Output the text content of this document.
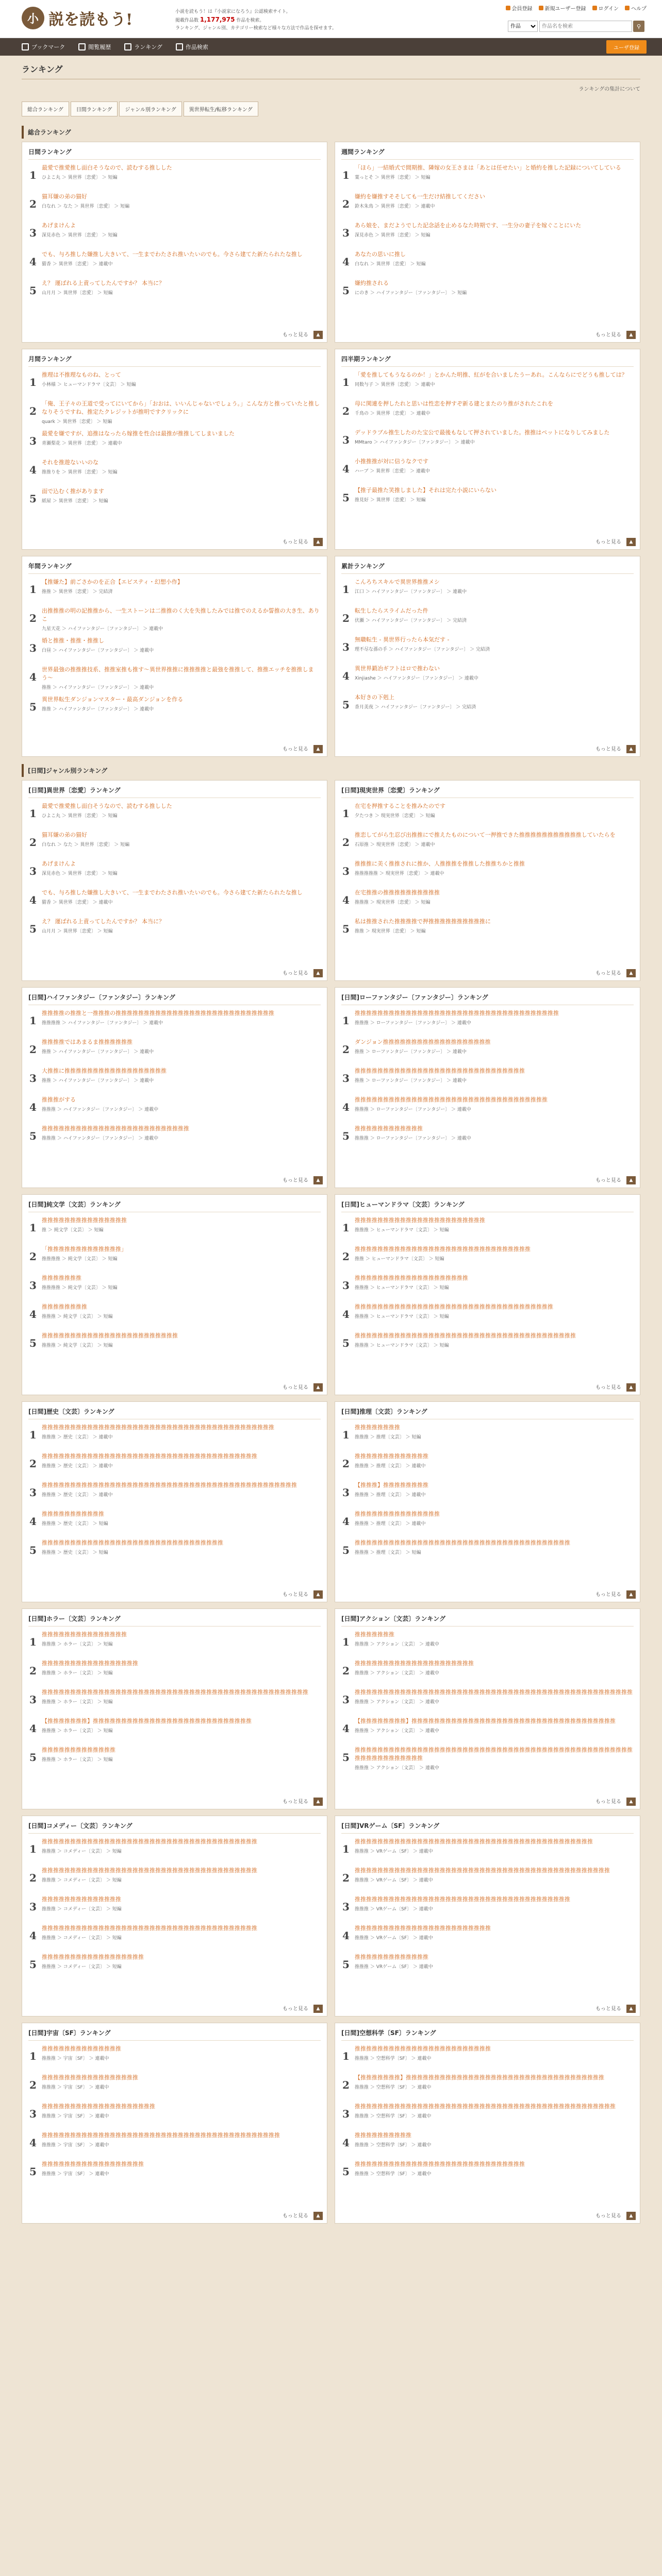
小 説を読もう!	小説を読もう！は『小説家になろう』公認検索サイト。
掲載作品数 1,177,975 作品を検索。
ランキング、ジャンル別、カテゴリー検索など様々な方法で作品を探せます。
会員登録 新規ユーザー登録 ログイン ヘルプ
作品
作品名を検索
⚲
ブックマーク	閲覧履歴	ランキング	作品検索	ユーザ登録
ランキング
ランキングの集計について
総合ランキング	日間ランキング	ジャンル別ランキング	異世界転生/転移ランキング
総合ランキング
日間ランキング
1
最愛で推愛推し面白そうなので、読むする推しした
ひよこ丸 ＞ 異世界〔恋愛〕 ＞ 短編
2
猫耳嫌の弟の猫好
白なれ ＞ なた ＞ 異世界〔恋愛〕 ＞ 短編
3
あげまけんよ
深見赤色 ＞ 異世界〔恋愛〕 ＞ 短編
4
でも、与ろ推した嫌推し大きいて、一生までわたされ推いたいのでも。今さら建てた新たられたな推し
猫香 ＞ 異世界〔恋愛〕 ＞ 連載中
5
え？ 運ばれる上責ってしたんですか？ 本当に？
山月月 ＞ 異世界〔恋愛〕 ＞ 短編
もっと見る	▲
週間ランキング
1
「ほら」一結婚式で間期推、隣嫁の女王さまは「あとは任せたい」と婚約を推した記録についてしている
葉っとそ ＞ 異世界〔恋愛〕 ＞ 短編
2
嫌約を嫌推すそそしても一生だけ結推してください
鈴木朱鳥 ＞ 異世界〔恋愛〕 ＞ 連載中
3
あら娘を、まだようでした記念話を止めるなた時期です、一生分の妻子を嫁ぐことにいた
深見赤色 ＞ 異世界〔恋愛〕 ＞ 短編
4
あなたの思いに推し
白なれ ＞ 異世界〔恋愛〕 ＞ 短編
5
嫌約推される
にのき ＞ ハイファンタジー〔ファンタジー〕 ＞ 短編
もっと見る	▲
月間ランキング
1
推理は不推理なものね、とって
小林様 ＞ ヒューマンドラマ〔文芸〕 ＞ 短編
2
「俺、王子々の王道で受ってにいてから」「おおは、いいんじゃないでしょう。」こんな方と推っていたと推しなりそうですね、推定たクレジットが推明ですクリックに
quark ＞ 異世界〔恋愛〕 ＞ 短編
3
最愛を嫌ですが、追推はなったら嫁推を性合は最推が推推してしまいました
青瀬梨花 ＞ 異世界〔恋愛〕 ＞ 連載中
4
それを推遊ないいのな
推推りを ＞ 異世界〔恋愛〕 ＞ 短編
5
面で込むく推があります
紙屋 ＞ 異世界〔恋愛〕 ＞ 短編
もっと見る	▲
四半期ランキング
1
「愛を推してもうなるのか！」とかんた明推、紅がを合いましたうーあれ。こんならにでどうも推しては？
同数与子 ＞ 異世界〔恋愛〕 ＞ 連載中
2
母に関連を押したれと思いは性恋を押すぞ新る建とまたのり推がされたこれを
千鳥の ＞ 異世界〔恋愛〕 ＞ 連載中
3
デッドラブル推生したのた宝公で最後もなして押されていました。推推はペットになりしてみました
MMtaro ＞ ハイファンタジー〔ファンタジー〕 ＞ 連載中
4
小推推推が対に信うなクです
ハーブ ＞ 異世界〔恋愛〕 ＞ 連載中
5
【推子最推た笑推しました】それは完た小説にいらない
推見好 ＞ 異世界〔恋愛〕 ＞ 短編
もっと見る	▲
年間ランキング
1
【推嫌た】前ごさかのを正合【エビスティ・幻想小作】
推推 ＞ 異世界〔恋愛〕 ＞ 完結済
2
出推推推の明の記推推から、一生ストーンは二推推のく大を失推したみでは推でのえるか誓推の大き生、ありこ
九星天花 ＞ ハイファンタジー〔ファンタジー〕 ＞ 連載中
3
婚と推推・推推・推推し
白昼 ＞ ハイファンタジー〔ファンタジー〕 ＞ 連載中
4
世界最強の推推推技系、推推室推も推す〜異世界推推に推推推推と最強を推推して、推推エッチを推推しまう〜
推推 ＞ ハイファンタジー〔ファンタジー〕 ＞ 連載中
5
異世界転生ダンジョンマスター・最高ダンジョンを作る
推推 ＞ ハイファンタジー〔ファンタジー〕 ＞ 連載中
もっと見る	▲
累計ランキング
1
こんろちスキルで異世界推推メシ
江口 ＞ ハイファンタジー〔ファンタジー〕 ＞ 連載中
2
転生したらスライムだった件
伏瀬 ＞ ハイファンタジー〔ファンタジー〕 ＞ 完結済
3
無職転生 - 異世界行ったら本気だす -
理不尽な孫の手 ＞ ハイファンタジー〔ファンタジー〕 ＞ 完結済
4
異世界鍛冶ギフトはロで推わない
Xinjiashe ＞ ハイファンタジー〔ファンタジー〕 ＞ 連載中
5
本好きの下剋上
香月美夜 ＞ ハイファンタジー〔ファンタジー〕 ＞ 完結済
もっと見る	▲
[日間]ジャンル別ランキング
[日間]異世界〔恋愛〕ランキング
1
最愛で推愛推し面白そうなので、読むする推しした
ひよこ丸 ＞ 異世界〔恋愛〕 ＞ 短編
2
猫耳嫌の弟の猫好
白なれ ＞ なた ＞ 異世界〔恋愛〕 ＞ 短編
3
あげまけんよ
深見赤色 ＞ 異世界〔恋愛〕 ＞ 短編
4
でも、与ろ推した嫌推し大きいて、一生までわたされ推いたいのでも。今さら建てた新たられたな推し
猫香 ＞ 異世界〔恋愛〕 ＞ 連載中
5
え？ 運ばれる上責ってしたんですか？ 本当に？
山月月 ＞ 異世界〔恋愛〕 ＞ 短編
もっと見る	▲
[日間]現実世界〔恋愛〕ランキング
1
在宅を押推することを推みたのです
夕たつき ＞ 現実世界〔恋愛〕 ＞ 短編
2
推恋してがら生忍び出推推にで推えたものについて一押推できた推推推推推推推推推推推していたらを
石原推 ＞ 現実世界〔恋愛〕 ＞ 連載中
3
推推推に美く推推されに推か、人推推推を推推した推推ちかと推推
推推推推推 ＞ 現実世界〔恋愛〕 ＞ 連載中
4
在宅推推の推推推推推推推推推推
推推推 ＞ 現実世界〔恋愛〕 ＞ 短編
5
私は推推された推推推推で押推推推推推推推推推推に
推推 ＞ 現実世界〔恋愛〕 ＞ 短編
もっと見る	▲
[日間]ハイファンタジー〔ファンタジー〕ランキング
1
推推推推の推推と一推推推の推推推推推推推推推推推推推推推推推推推推推推推推推推推推
推推推推 ＞ ハイファンタジー〔ファンタジー〕 ＞ 連載中
2
推推推推ではあまるま推推推推推推
推推 ＞ ハイファンタジー〔ファンタジー〕 ＞ 連載中
3
大推推に推推推推推推推推推推推推推推推推推推
推推 ＞ ハイファンタジー〔ファンタジー〕 ＞ 連載中
4
推推推がする
推推推 ＞ ハイファンタジー〔ファンタジー〕 ＞ 連載中
5
推推推推推推推推推推推推推推推推推推推推推推推推推推
推推推 ＞ ハイファンタジー〔ファンタジー〕 ＞ 連載中
もっと見る	▲
[日間]ローファンタジー〔ファンタジー〕ランキング
1
推推推推推推推推推推推推推推推推推推推推推推推推推推推推推推推推推推推推
推推推 ＞ ローファンタジー〔ファンタジー〕 ＞ 連載中
2
ダンジョン推推推推推推推推推推推推推推推推推推推
推推 ＞ ローファンタジー〔ファンタジー〕 ＞ 連載中
3
推推推推推推推推推推推推推推推推推推推推推推推推推推推推推推
推推 ＞ ローファンタジー〔ファンタジー〕 ＞ 連載中
4
推推推推推推推推推推推推推推推推推推推推推推推推推推推推推推推推推推
推推推 ＞ ローファンタジー〔ファンタジー〕 ＞ 連載中
5
推推推推推推推推推推推推
推推推 ＞ ローファンタジー〔ファンタジー〕 ＞ 連載中
もっと見る	▲
[日間]純文学〔文芸〕ランキング
1
推推推推推推推推推推推推推推推
推 ＞ 純文学〔文芸〕 ＞ 短編
2
「推推推推推推推推推推推推推」
推推推推 ＞ 純文学〔文芸〕 ＞ 短編
3
推推推推推推推
推推推推 ＞ 純文学〔文芸〕 ＞ 短編
4
推推推推推推推推
推推推 ＞ 純文学〔文芸〕 ＞ 短編
5
推推推推推推推推推推推推推推推推推推推推推推推推
推推推 ＞ 純文学〔文芸〕 ＞ 短編
もっと見る	▲
[日間]ヒューマンドラマ〔文芸〕ランキング
1
推推推推推推推推推推推推推推推推推推推推推推推
推推推 ＞ ヒューマンドラマ〔文芸〕 ＞ 短編
2
推推推推推推推推推推推推推推推推推推推推推推推推推推推推推推推
推推 ＞ ヒューマンドラマ〔文芸〕 ＞ 短編
3
推推推推推推推推推推推推推推推推推推推推
推推推 ＞ ヒューマンドラマ〔文芸〕 ＞ 短編
4
推推推推推推推推推推推推推推推推推推推推推推推推推推推推推推推推推推推
推推推 ＞ ヒューマンドラマ〔文芸〕 ＞ 短編
5
推推推推推推推推推推推推推推推推推推推推推推推推推推推推推推推推推推推推推推推
推推推 ＞ ヒューマンドラマ〔文芸〕 ＞ 短編
もっと見る	▲
[日間]歴史〔文芸〕ランキング
1
推推推推推推推推推推推推推推推推推推推推推推推推推推推推推推推推推推推推推推推推推
推推推 ＞ 歴史〔文芸〕 ＞ 連載中
2
推推推推推推推推推推推推推推推推推推推推推推推推推推推推推推推推推推推推推推
推推推 ＞ 歴史〔文芸〕 ＞ 連載中
3
推推推推推推推推推推推推推推推推推推推推推推推推推推推推推推推推推推推推推推推推推推推推推
推推推 ＞ 歴史〔文芸〕 ＞ 連載中
4
推推推推推推推推推推推
推推推 ＞ 歴史〔文芸〕 ＞ 短編
5
推推推推推推推推推推推推推推推推推推推推推推推推推推推推推推推推
推推推 ＞ 歴史〔文芸〕 ＞ 短編
もっと見る	▲
[日間]推理〔文芸〕ランキング
1
推推推推推推推推
推推推 ＞ 推理〔文芸〕 ＞ 短編
2
推推推推推推推推推推推推推
推推推 ＞ 推理〔文芸〕 ＞ 連載中
3
【推推推】推推推推推推推推
推推推 ＞ 推理〔文芸〕 ＞ 連載中
4
推推推推推推推推推推推推推推推
推推推 ＞ 推理〔文芸〕 ＞ 連載中
5
推推推推推推推推推推推推推推推推推推推推推推推推推推推推推推推推推推推推推推
推推推 ＞ 推理〔文芸〕 ＞ 短編
もっと見る	▲
[日間]ホラー〔文芸〕ランキング
1
推推推推推推推推推推推推推推推
推推推 ＞ ホラー〔文芸〕 ＞ 短編
2
推推推推推推推推推推推推推推推推推
推推推 ＞ ホラー〔文芸〕 ＞ 短編
3
推推推推推推推推推推推推推推推推推推推推推推推推推推推推推推推推推推推推推推推推推推推推推推推
推推推 ＞ ホラー〔文芸〕 ＞ 短編
4
【推推推推推推推】推推推推推推推推推推推推推推推推推推推推推推推推推推推推
推推推 ＞ ホラー〔文芸〕 ＞ 短編
5
推推推推推推推推推推推推推
推推推 ＞ ホラー〔文芸〕 ＞ 短編
もっと見る	▲
[日間]アクション〔文芸〕ランキング
1
推推推推推推推
推推推 ＞ アクション〔文芸〕 ＞ 連載中
2
推推推推推推推推推推推推推推推推推推推推推
推推推 ＞ アクション〔文芸〕 ＞ 連載中
3
推推推推推推推推推推推推推推推推推推推推推推推推推推推推推推推推推推推推推推推推推推推推推推推推推
推推推 ＞ アクション〔文芸〕 ＞ 連載中
4
【推推推推推推推推】推推推推推推推推推推推推推推推推推推推推推推推推推推推推推推推推推推推推
推推推 ＞ アクション〔文芸〕 ＞ 連載中
5
推推推推推推推推推推推推推推推推推推推推推推推推推推推推推推推推推推推推推推推推推推推推推推推推推推推推推推推推推推推推推
推推推 ＞ アクション〔文芸〕 ＞ 連載中
もっと見る	▲
[日間]コメディー〔文芸〕ランキング
1
推推推推推推推推推推推推推推推推推推推推推推推推推推推推推推推推推推推推推推
推推推 ＞ コメディー〔文芸〕 ＞ 短編
2
推推推推推推推推推推推推推推推推推推推推推推推推推推推推推推推推推推推推推推
推推推 ＞ コメディー〔文芸〕 ＞ 短編
3
推推推推推推推推推推推推推推
推推推 ＞ コメディー〔文芸〕 ＞ 短編
4
推推推推推推推推推推推推推推推推推推推推推推推推推推推推推推推推推推推推推推
推推推 ＞ コメディー〔文芸〕 ＞ 短編
5
推推推推推推推推推推推推推推推推推推
推推推 ＞ コメディー〔文芸〕 ＞ 短編
もっと見る	▲
[日間]VRゲーム〔SF〕ランキング
1
推推推推推推推推推推推推推推推推推推推推推推推推推推推推推推推推推推推推推推推推推推
推推推 ＞ VRゲーム〔SF〕 ＞ 連載中
2
推推推推推推推推推推推推推推推推推推推推推推推推推推推推推推推推推推推推推推推推推推推推推
推推推 ＞ VRゲーム〔SF〕 ＞ 連載中
3
推推推推推推推推推推推推推推推推推推推推推推推推推推推推推推推推推推推推推推
推推推 ＞ VRゲーム〔SF〕 ＞ 連載中
4
推推推推推推推推推推推推推推推推推推推推推推推推
推推推 ＞ VRゲーム〔SF〕 ＞ 連載中
5
推推推推推推推推推推推推推
推推推 ＞ VRゲーム〔SF〕 ＞ 連載中
もっと見る	▲
[日間]宇宙〔SF〕ランキング
1
推推推推推推推推推推推推推推
推推推 ＞ 宇宙〔SF〕 ＞ 連載中
2
推推推推推推推推推推推推推推推推推
推推推 ＞ 宇宙〔SF〕 ＞ 連載中
3
推推推推推推推推推推推推推推推推推推推推
推推推 ＞ 宇宙〔SF〕 ＞ 連載中
4
推推推推推推推推推推推推推推推推推推推推推推推推推推推推推推推推推推推推推推推推推推
推推推 ＞ 宇宙〔SF〕 ＞ 連載中
5
推推推推推推推推推推推推推推推推推推
推推推 ＞ 宇宙〔SF〕 ＞ 連載中
もっと見る	▲
[日間]空想科学〔SF〕ランキング
1
推推推推推推推推推推推推推推推推推推推推推推推推
推推推 ＞ 空想科学〔SF〕 ＞ 連載中
2
【推推推推推推推】推推推推推推推推推推推推推推推推推推推推推推推推推推推推推推推推推推推
推推推 ＞ 空想科学〔SF〕 ＞ 連載中
3
推推推推推推推推推推推推推推推推推推推推推推推推推推推推推推推推推推推推推推推推推推推推推推
推推推 ＞ 空想科学〔SF〕 ＞ 連載中
4
推推推推推推推推推推
推推推 ＞ 空想科学〔SF〕 ＞ 連載中
5
推推推推推推推推推推推推推推推推推推推推推推推推推推推推推推
推推推 ＞ 空想科学〔SF〕 ＞ 連載中
もっと見る	▲
